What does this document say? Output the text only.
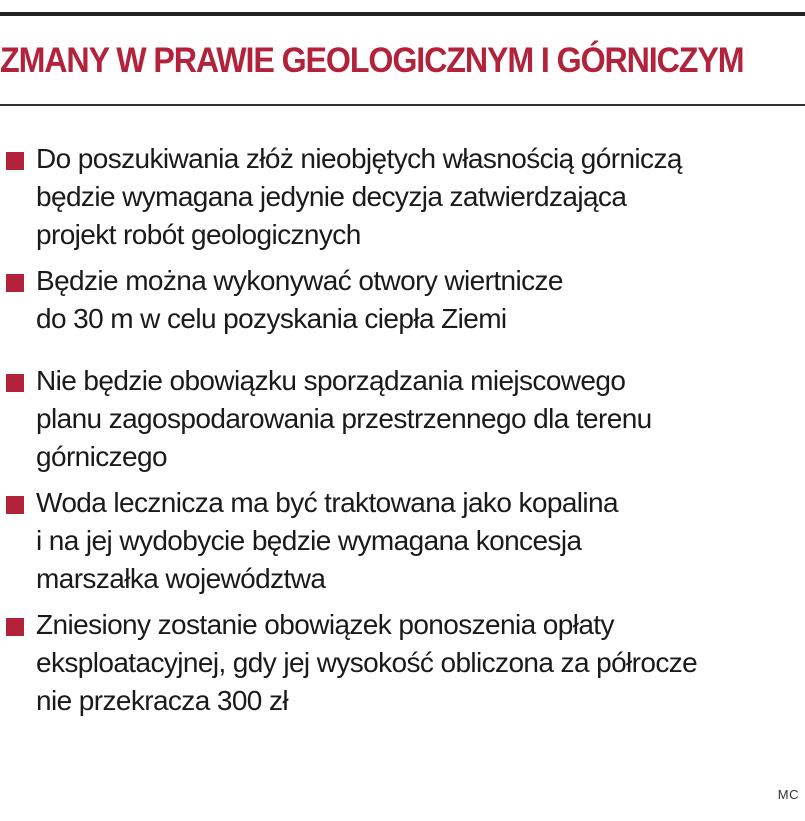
ZMANY W PRAWIE GEOLOGICZNYM I GÓRNICZYM
Do poszukiwania złóż nieobjętych własnością górniczą
będzie wymagana jedynie decyzja zatwierdzająca
projekt robót geologicznych
Będzie można wykonywać otwory wiertnicze
do 30 m w celu pozyskania ciepła Ziemi
Nie będzie obowiązku sporządzania miejscowego
planu zagospodarowania przestrzennego dla terenu
górniczego
Woda lecznicza ma być traktowana jako kopalina
i na jej wydobycie będzie wymagana koncesja
marszałka województwa
Zniesiony zostanie obowiązek ponoszenia opłaty
eksploatacyjnej, gdy jej wysokość obliczona za półrocze
nie przekracza 300 zł
MC
